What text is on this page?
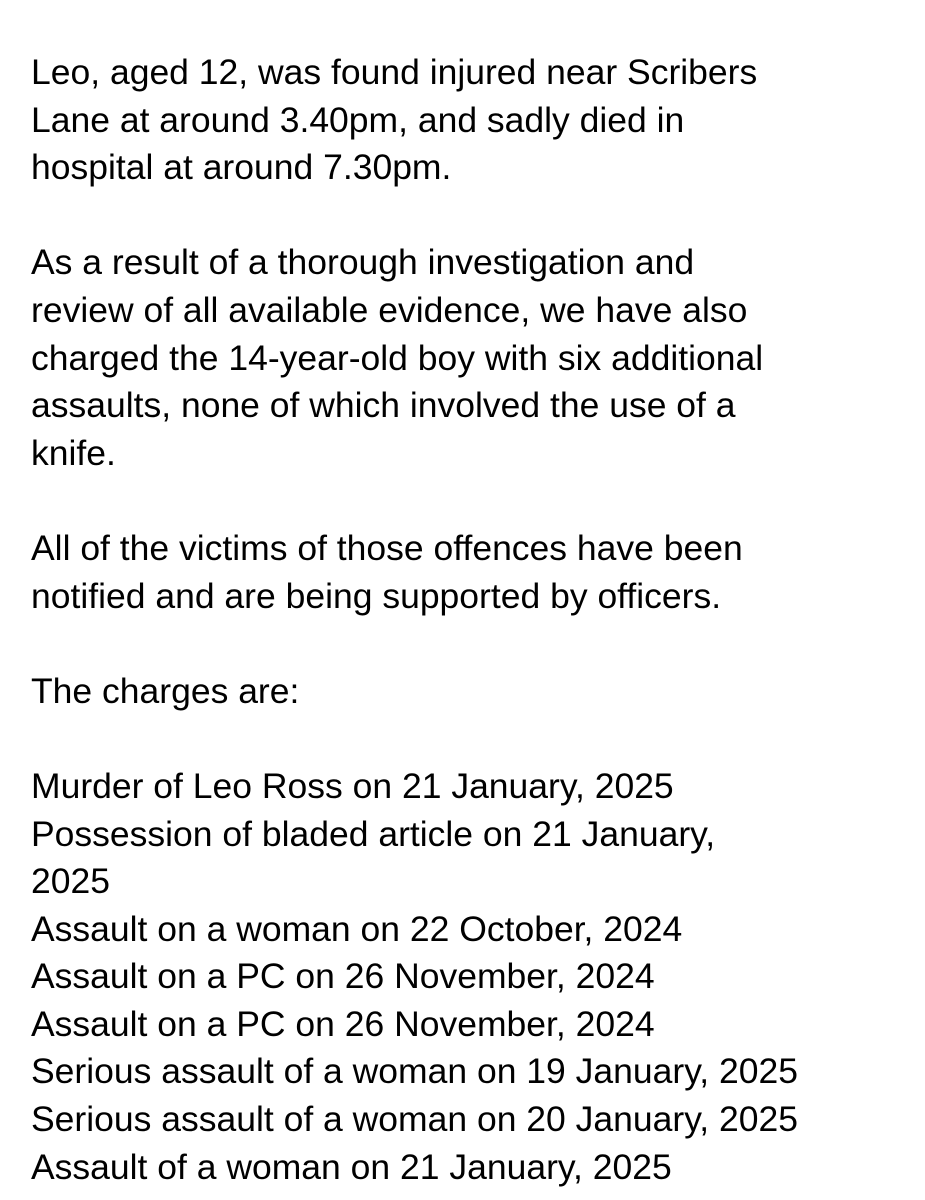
Leo, aged 12, was found injured near Scribers
Lane at around 3.40pm, and sadly died in
hospital at around 7.30pm.

As a result of a thorough investigation and
review of all available evidence, we have also
charged the 14-year-old boy with six additional
assaults, none of which involved the use of a
knife.

All of the victims of those offences have been
notified and are being supported by officers.

The charges are:

Murder of Leo Ross on 21 January, 2025

Possession of bladed article on 21 January,
2025

Assault on a woman on 22 October, 2024

Assault on a PC on 26 November, 2024

Assault on a PC on 26 November, 2024

Serious assault of a woman on 19 January, 2025

Serious assault of a woman on 20 January, 2025

Assault of a woman on 21 January, 2025
